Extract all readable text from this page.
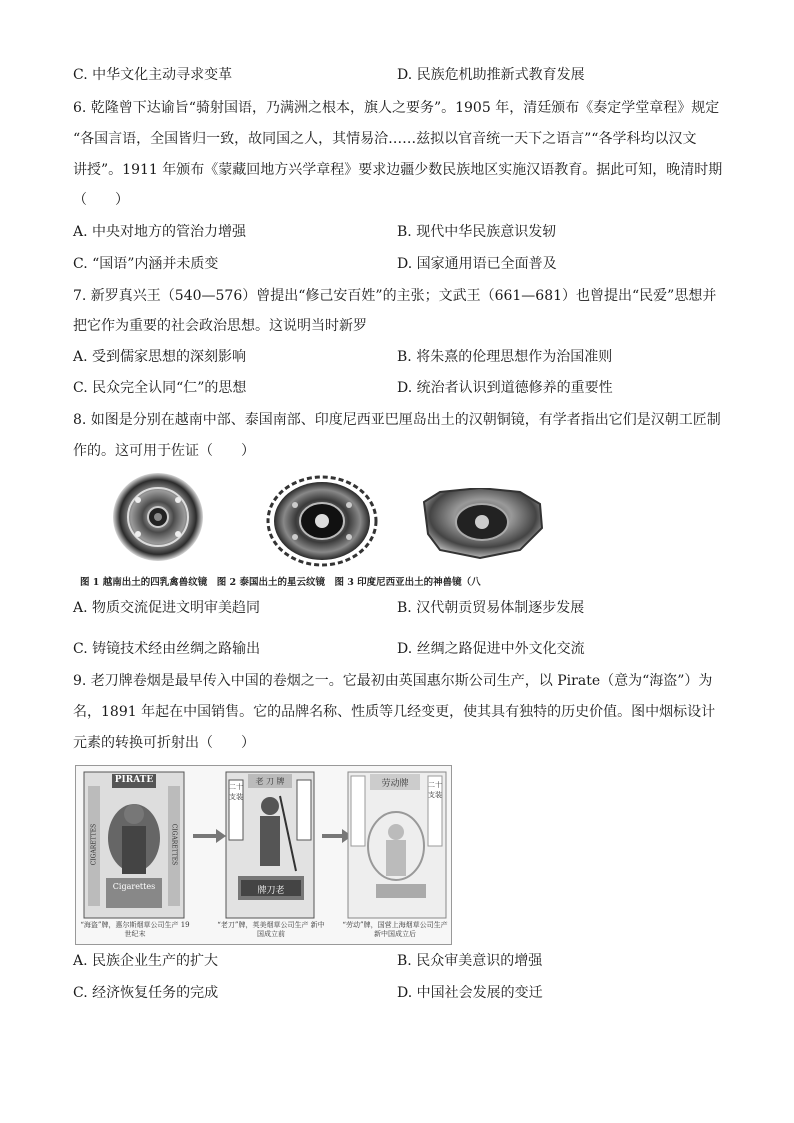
C. 中华文化主动寻求变革	D. 民族危机助推新式教育发展
6. 乾隆曾下达谕旨“骑射国语，乃满洲之根本，旗人之要务”。1905 年，清廷颁布《奏定学堂章程》规定
“各国言语，全国皆归一致，故同国之人，其情易洽……兹拟以官音统一天下之语言”“各学科均以汉文
讲授”。1911 年颁布《蒙藏回地方兴学章程》要求边疆少数民族地区实施汉语教育。据此可知，晚清时期
（　　）
A. 中央对地方的管治力增强	B. 现代中华民族意识发轫
C. “国语”内涵并未质变	D. 国家通用语已全面普及
7. 新罗真兴王（540—576）曾提出“修己安百姓”的主张；文武王（661—681）也曾提出“民爱”思想并
把它作为重要的社会政治思想。这说明当时新罗
A. 受到儒家思想的深刻影响	B. 将朱熹的伦理思想作为治国准则
C. 民众完全认同“仁”的思想	D. 统治者认识到道德修养的重要性
8. 如图是分别在越南中部、泰国南部、印度尼西亚巴厘岛出土的汉朝铜镜，有学者指出它们是汉朝工匠制
作的。这可用于佐证（　　）
图 1 越南出土的四乳禽兽纹镜　图 2 泰国出土的星云纹镜　图 3 印度尼西亚出土的神兽镜（八
A. 物质交流促进文明审美趋同	B. 汉代朝贡贸易体制逐步发展
C. 铸镜技术经由丝绸之路输出	D. 丝绸之路促进中外文化交流
9. 老刀牌卷烟是最早传入中国的卷烟之一。它最初由英国惠尔斯公司生产，以 Pirate（意为“海盗”）为
名，1891 年起在中国销售。它的品牌名称、性质等几经变更，使其具有独特的历史价值。图中烟标设计
元素的转换可折射出（　　）
PIRATE
CIGARETTES	CIGARETTES
Cigarettes
老 刀 牌
二十支装
牌刀老
劳动牌	二十支装
“海盗”牌，惠尔斯烟草公司生产 19世纪末
“老刀”牌，英美烟草公司生产 新中国成立前
“劳动”牌，国营上海烟草公司生产 新中国成立后
A. 民族企业生产的扩大	B. 民众审美意识的增强
C. 经济恢复任务的完成	D. 中国社会发展的变迁
